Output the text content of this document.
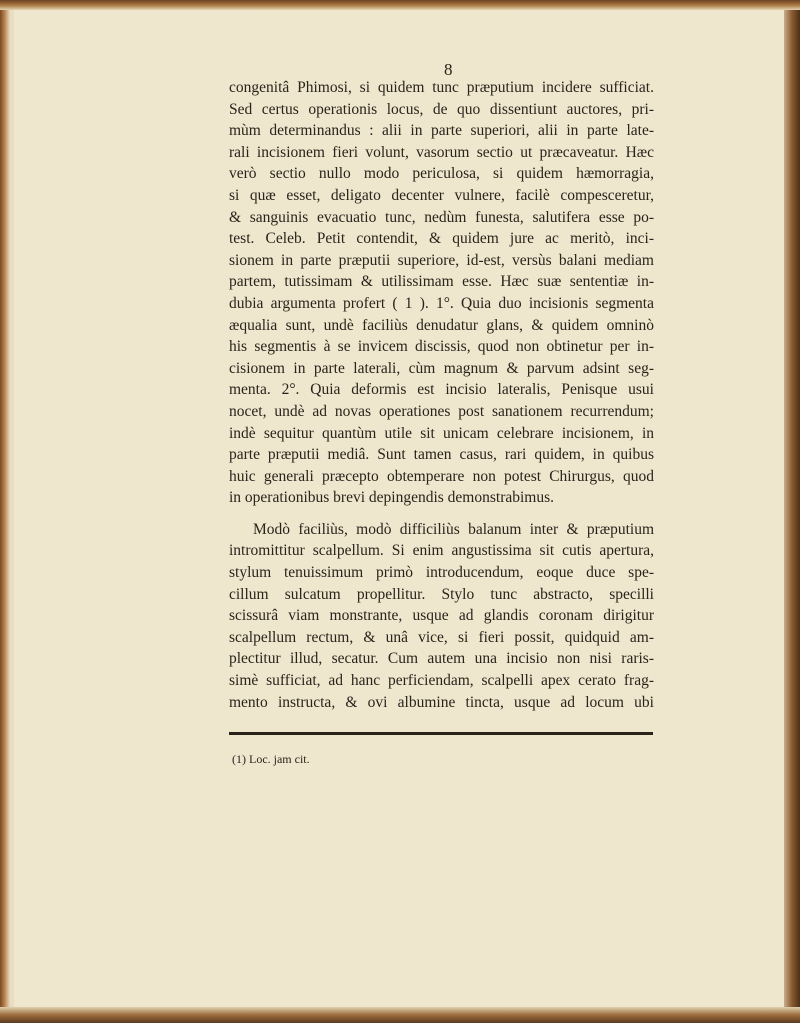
8
congenitâ Phimosi, si quidem tunc præputium incidere sufficiat.
Sed certus operationis locus, de quo dissentiunt auctores, pri-
mùm determinandus : alii in parte superiori, alii in parte late-
rali incisionem fieri volunt, vasorum sectio ut præcaveatur. Hæc
verò sectio nullo modo periculosa, si quidem hæmorragia,
si quæ esset, deligato decenter vulnere, facilè compesceretur,
& sanguinis evacuatio tunc, nedùm funesta, salutifera esse po-
test. Celeb. Petit contendit, & quidem jure ac meritò, inci-
sionem in parte præputii superiore, id-est, versùs balani mediam
partem, tutissimam & utilissimam esse. Hæc suæ sententiæ in-
dubia argumenta profert ( 1 ). 1°. Quia duo incisionis segmenta
æqualia sunt, undè faciliùs denudatur glans, & quidem omninò
his segmentis à se invicem discissis, quod non obtinetur per in-
cisionem in parte laterali, cùm magnum & parvum adsint seg-
menta. 2°. Quia deformis est incisio lateralis, Penisque usui
nocet, undè ad novas operationes post sanationem recurrendum;
indè sequitur quantùm utile sit unicam celebrare incisionem, in
parte præputii mediâ. Sunt tamen casus, rari quidem, in quibus
huic generali præcepto obtemperare non potest Chirurgus, quod
in operationibus brevi depingendis demonstrabimus.
Modò faciliùs, modò difficiliùs balanum inter & præputium
intromittitur scalpellum. Si enim angustissima sit cutis apertura,
stylum tenuissimum primò introducendum, eoque duce spe-
cillum sulcatum propellitur. Stylo tunc abstracto, specilli
scissurâ viam monstrante, usque ad glandis coronam dirigitur
scalpellum rectum, & unâ vice, si fieri possit, quidquid am-
plectitur illud, secatur. Cum autem una incisio non nisi raris-
simè sufficiat, ad hanc perficiendam, scalpelli apex cerato frag-
mento instructa, & ovi albumine tincta, usque ad locum ubi
(1) Loc. jam cit.
